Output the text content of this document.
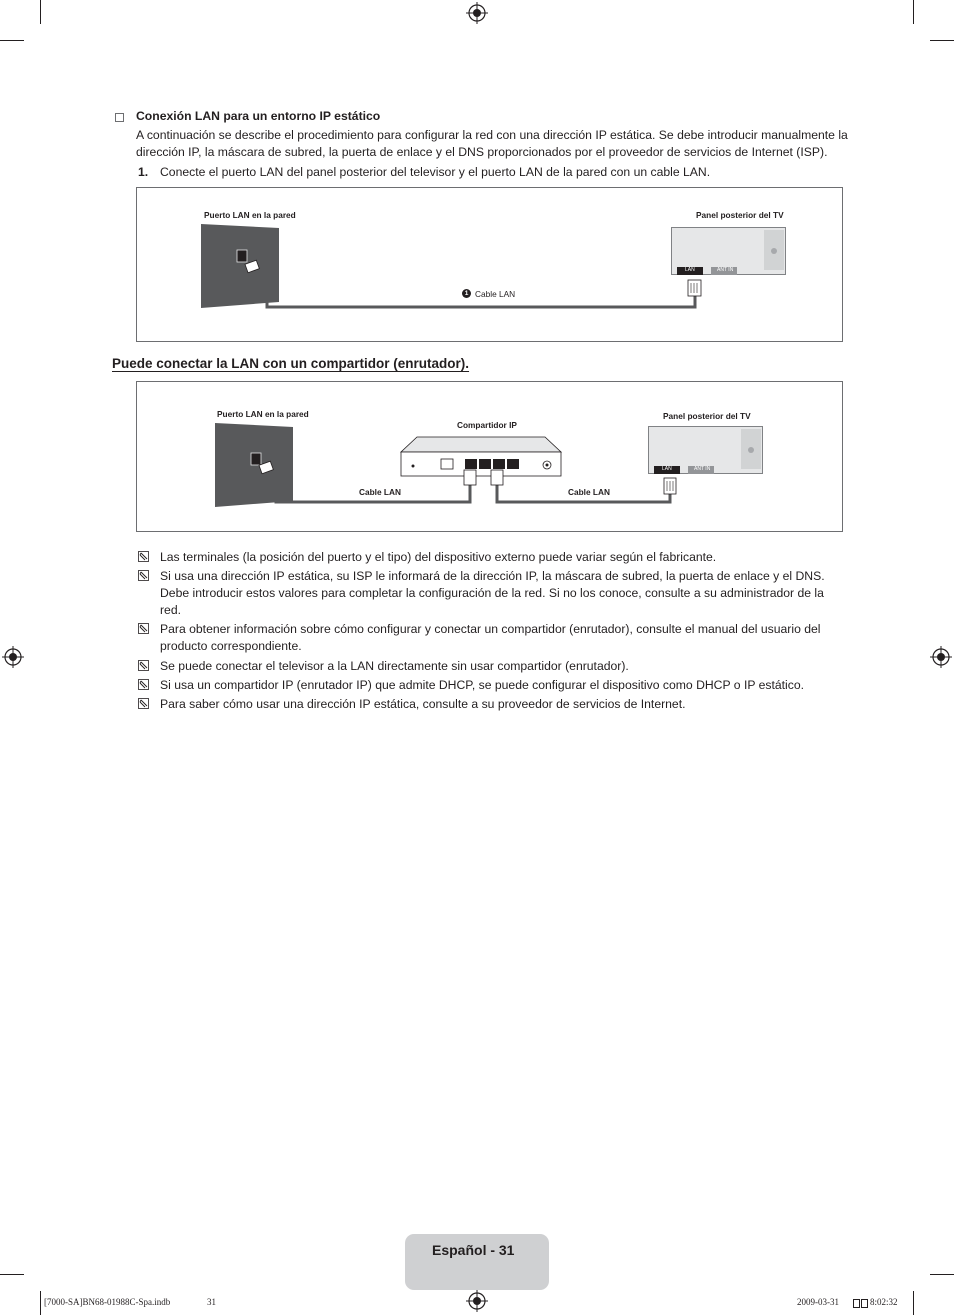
Conexión LAN para un entorno IP estático
A continuación se describe el procedimiento para configurar la red con una dirección IP estática. Se debe introducir manualmente la dirección IP, la máscara de subred, la puerta de enlace y el DNS proporcionados por el proveedor de servicios de Internet (ISP).
1. Conecte el puerto LAN del panel posterior del televisor y el puerto LAN de la pared con un cable LAN.
Puerto LAN en la pared	Panel posterior del TV
LAN	ANT IN
1 Cable LAN
Puede conectar la LAN con un compartidor (enrutador).
Puerto LAN en la pared
Compartidor IP
Panel posterior del TV
LAN	ANT IN
Cable LAN	Cable LAN
Las terminales (la posición del puerto y el tipo) del dispositivo externo puede variar según el fabricante.
Si usa una dirección IP estática, su ISP le informará de la dirección IP, la máscara de subred, la puerta de enlace y el DNS. Debe introducir estos valores para completar la configuración de la red. Si no los conoce, consulte a su administrador de la red.
Para obtener información sobre cómo configurar y conectar un compartidor (enrutador), consulte el manual del usuario del producto correspondiente.
Se puede conectar el televisor a la LAN directamente sin usar compartidor (enrutador).
Si usa un compartidor IP (enrutador IP) que admite DHCP, se puede configurar el dispositivo como DHCP o IP estático.
Para saber cómo usar una dirección IP estática, consulte a su proveedor de servicios de Internet.
Español - 31
[7000-SA]BN68-01988C-Spa.indb	31	2009-03-31	8:02:32
